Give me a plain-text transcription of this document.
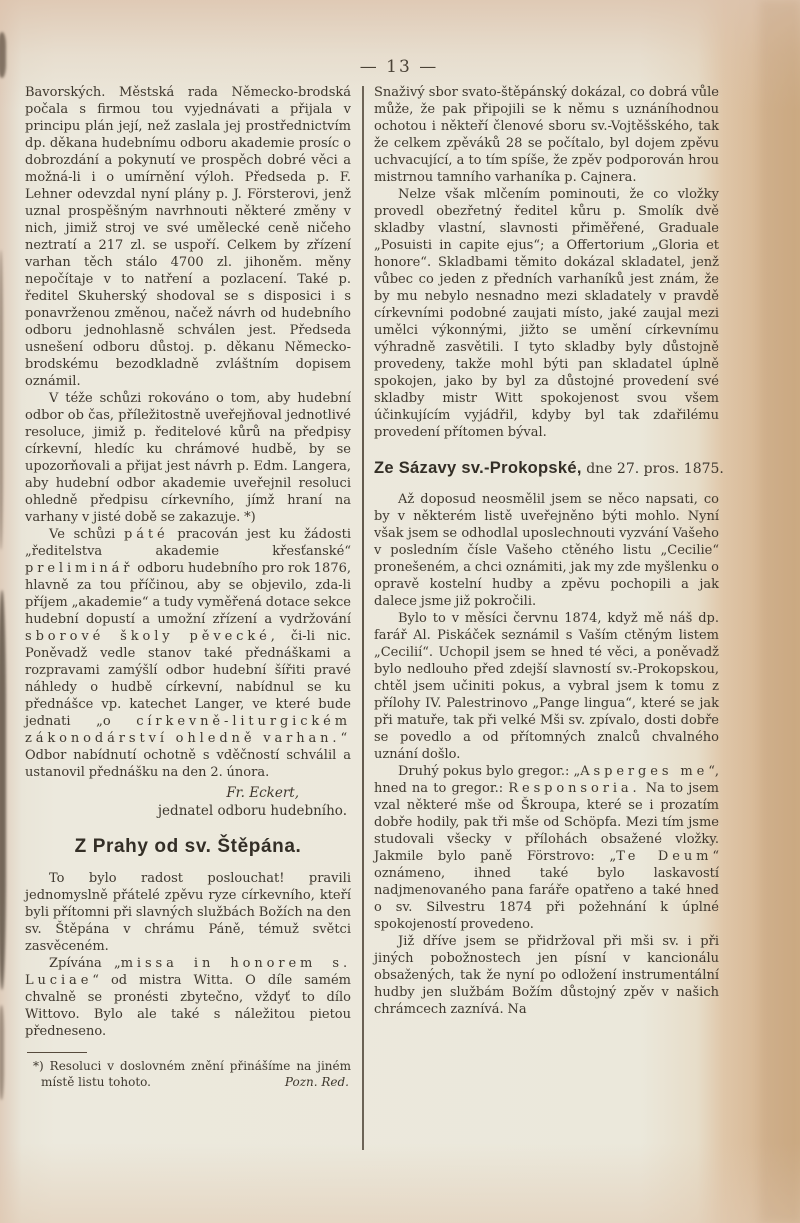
— 13 —

Bavorských. Městská rada Německo-brodská počala s firmou tou vyjednávati a přijala v principu plán její, než zaslala jej prostřednictvím dp. děkana hudebnímu odboru akademie prosíc o dobrozdání a pokynutí ve prospěch dobré věci a možná-li i o umírnění výloh. Předseda p. F. Lehner odevzdal nyní plány p. J. Försterovi, jenž uznal prospěšným navrhnouti některé změny v nich, jimiž stroj ve své umělecké ceně ničeho neztratí a 217 zl. se uspoří. Celkem by zřízení varhan těch stálo 4700 zl. jihoněm. měny nepočítaje v to natření a pozlacení. Také p. ředitel Skuherský shodoval se s disposici i s ponavrženou změnou, načež návrh od hudebního odboru jednohlasně schválen jest. Předseda usnešení odboru důstoj. p. děkanu Německo-brodskému bezodkladně zvláštním dopisem oznámil.

V téže schůzi rokováno o tom, aby hudební odbor ob čas, příležitostně uveřejňoval jednotlivé resoluce, jimiž p. ředitelové kůrů na předpisy církevní, hledíc ku chrámové hudbě, by se upozorňovali a přijat jest návrh p. Edm. Langera, aby hudební odbor akademie uveřejnil resoluci ohledně předpisu církevního, jímž hraní na varhany v jisté době se zakazuje. *)

Ve schůzi páté pracován jest ku žádosti „ředitelstva akademie křesťanské“ preliminář odboru hudebního pro rok 1876, hlavně za tou příčinou, aby se objevilo, zda-li příjem „akademie“ a tudy vyměřená dotace sekce hudební dopustí a umožní zřízení a vydržování sborové školy pěvecké, či-li nic. Poněvadž vedle stanov také přednáškami a rozpravami zamýšlí odbor hudební šířiti pravé náhledy o hudbě církevní, nabídnul se ku přednášce vp. katechet Langer, ve které bude jednati „o církevně-liturgickém zákonodárství ohledně varhan.“ Odbor nabídnutí ochotně s vděčností schválil a ustanovil přednášku na den 2. února.

Fr. Eckert,
jednatel odboru hudebního.
Z Prahy od sv. Štěpána.

To bylo radost poslouchat! pravili jednomyslně přátelé zpěvu ryze církevního, kteří byli přítomni při slavných službách Božích na den sv. Štěpána v chrámu Páně, témuž světci zasvěceném.

Zpívána „missa in honorem s. Luciae“ od mistra Witta. O díle samém chvalně se pronésti zbytečno, vždyť to dílo Wittovo. Bylo ale také s náležitou pietou předneseno.

*) Resoluci v doslovném znění přinášíme na jiném místě listu tohoto.	Pozn. Red.

Snaživý sbor svato-štěpánský dokázal, co dobrá vůle může, že pak připojili se k němu s uznáníhodnou ochotou i někteří členové sboru sv.-Vojtěšského, tak že celkem zpěváků 28 se počítalo, byl dojem zpěvu uchvacující, a to tím spíše, že zpěv podporován hrou mistrnou tamního varhaníka p. Cajnera.

Nelze však mlčením pominouti, že co vložky provedl obezřetný ředitel kůru p. Smolík dvě skladby vlastní, slavnosti přiměřené, Graduale „Posuisti in capite ejus“; a Offertorium „Gloria et honore“. Skladbami těmito dokázal skladatel, jenž vůbec co jeden z předních varhaníků jest znám, že by mu nebylo nesnadno mezi skladately v pravdě církevními podobné zaujati místo, jaké zaujal mezi umělci výkonnými, jižto se umění církevnímu výhradně zasvětili. I tyto skladby byly důstojně provedeny, takže mohl býti pan skladatel úplně spokojen, jako by byl za důstojné provedení své skladby mistr Witt spokojenost svou všem účinkujícím vyjádřil, kdyby byl tak zdařilému provedení přítomen býval.

Ze Sázavy sv.-Prokopské, dne 27. pros. 1875.

Až doposud neosmělil jsem se něco napsati, co by v některém listě uveřejněno býti mohlo. Nyní však jsem se odhodlal uposlechnouti vyzvání Vašeho v posledním čísle Vašeho ctěného listu „Cecilie“ pronešeném, a chci oznámiti, jak my zde myšlenku o opravě kostelní hudby a zpěvu pochopili a jak dalece jsme již pokročili.

Bylo to v měsíci červnu 1874, když mě náš dp. farář Al. Piskáček seznámil s Vaším ctěným listem „Cecilií“. Uchopil jsem se hned té věci, a poněvadž bylo nedlouho před zdejší slavností sv.-Prokopskou, chtěl jsem učiniti pokus, a vybral jsem k tomu z přílohy IV. Palestrinovo „Pange lingua“, které se jak při matuře, tak při velké Mši sv. zpívalo, dosti dobře se povedlo a od přítomných znalců chvalného uznání došlo.

Druhý pokus bylo gregor.: „Asperges me“, hned na to gregor.: Responsoria. Na to jsem vzal některé mše od Škroupa, které se i prozatím dobře hodily, pak tři mše od Schöpfa. Mezi tím jsme studovali všecky v přílohách obsažené vložky. Jakmile bylo paně Förstrovo: „Te Deum“ oznámeno, ihned také bylo laskavostí nadjmenovaného pana faráře opatřeno a také hned o sv. Silvestru 1874 při požehnání k úplné spokojeností provedeno.

Již dříve jsem se přidržoval při mši sv. i při jiných pobožnostech jen písní v kancionálu obsažených, tak že nyní po odložení instrumentální hudby jen službám Božím důstojný zpěv v našich chrámcech zaznívá. Na
